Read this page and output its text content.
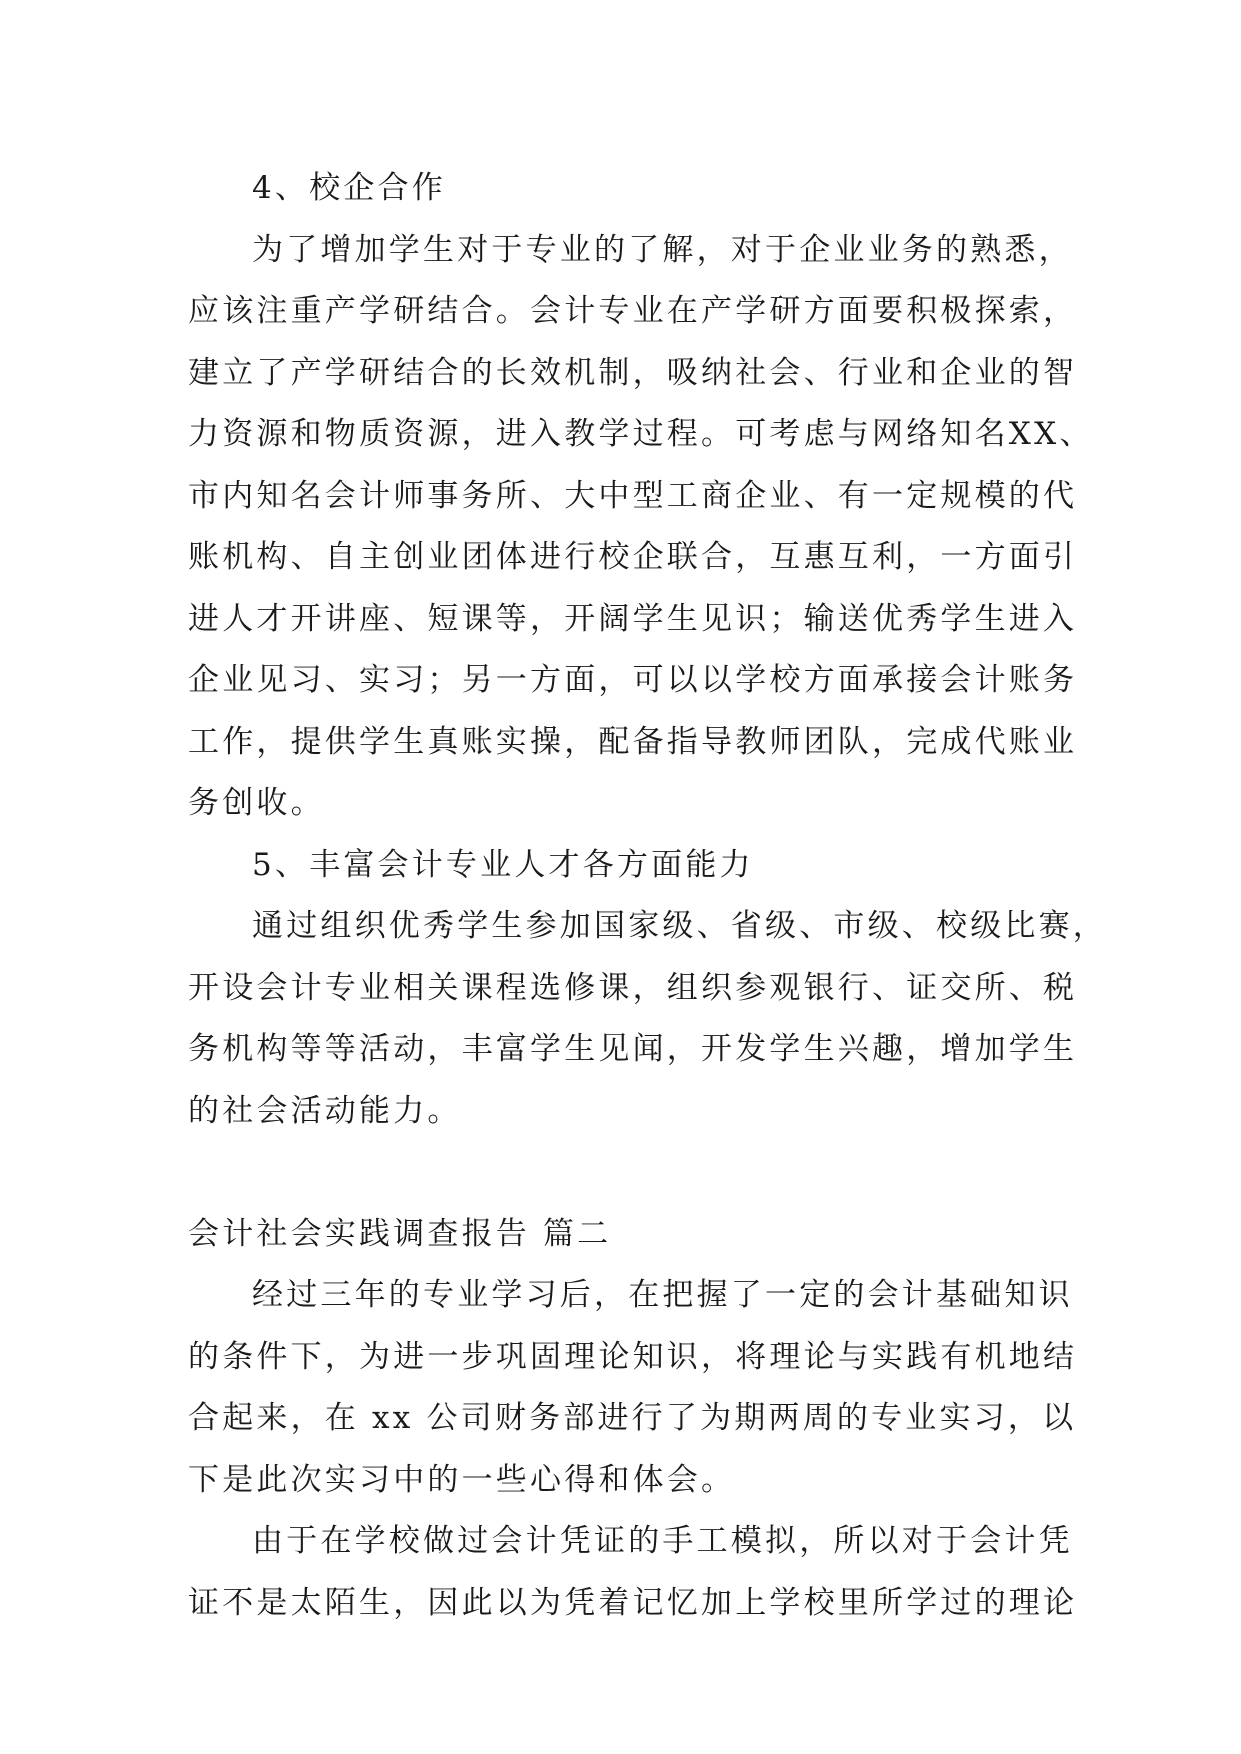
4、校企合作
为了增加学生对于专业的了解，对于企业业务的熟悉，
应该注重产学研结合。会计专业在产学研方面要积极探索，
建立了产学研结合的长效机制，吸纳社会、行业和企业的智
力资源和物质资源，进入教学过程。可考虑与网络知名XX、
市内知名会计师事务所、大中型工商企业、有一定规模的代
账机构、自主创业团体进行校企联合，互惠互利，一方面引
进人才开讲座、短课等，开阔学生见识；输送优秀学生进入
企业见习、实习；另一方面，可以以学校方面承接会计账务
工作，提供学生真账实操，配备指导教师团队，完成代账业
务创收。
5、丰富会计专业人才各方面能力
通过组织优秀学生参加国家级、省级、市级、校级比赛，
开设会计专业相关课程选修课，组织参观银行、证交所、税
务机构等等活动，丰富学生见闻，开发学生兴趣，增加学生
的社会活动能力。
会计社会实践调查报告 篇二
经过三年的专业学习后，在把握了一定的会计基础知识
的条件下，为进一步巩固理论知识，将理论与实践有机地结
合起来，在 xx 公司财务部进行了为期两周的专业实习，以
下是此次实习中的一些心得和体会。
由于在学校做过会计凭证的手工模拟，所以对于会计凭
证不是太陌生，因此以为凭着记忆加上学校里所学过的理论
